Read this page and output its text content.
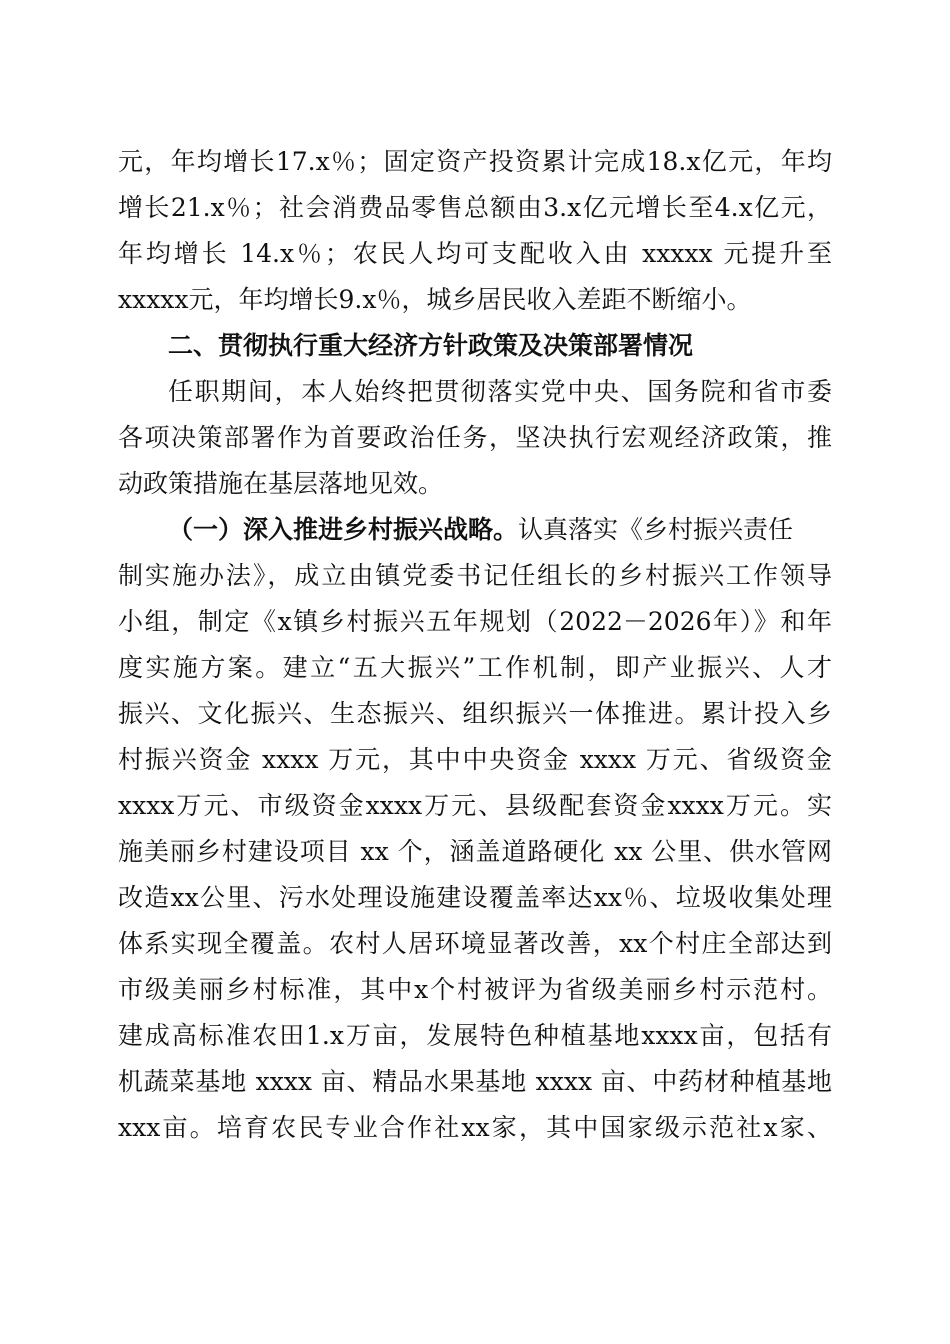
元，年均增长17.x％；固定资产投资累计完成18.x亿元，年均
增长21.x％；社会消费品零售总额由3.x亿元增长至4.x亿元，
年均增长 14.x％；农民人均可支配收入由 xxxxx 元提升至
xxxxx元，年均增长9.x％，城乡居民收入差距不断缩小。
二、贯彻执行重大经济方针政策及决策部署情况
任职期间，本人始终把贯彻落实党中央、国务院和省市委
各项决策部署作为首要政治任务，坚决执行宏观经济政策，推
动政策措施在基层落地见效。
（一）深入推进乡村振兴战略。认真落实《乡村振兴责任
制实施办法》，成立由镇党委书记任组长的乡村振兴工作领导
小组，制定《x镇乡村振兴五年规划（2022－2026年）》和年
度实施方案。建立“五大振兴”工作机制，即产业振兴、人才
振兴、文化振兴、生态振兴、组织振兴一体推进。累计投入乡
村振兴资金 xxxx 万元，其中中央资金 xxxx 万元、省级资金
xxxx万元、市级资金xxxx万元、县级配套资金xxxx万元。实
施美丽乡村建设项目 xx 个，涵盖道路硬化 xx 公里、供水管网
改造xx公里、污水处理设施建设覆盖率达xx％、垃圾收集处理
体系实现全覆盖。农村人居环境显著改善，xx个村庄全部达到
市级美丽乡村标准，其中x个村被评为省级美丽乡村示范村。
建成高标准农田1.x万亩，发展特色种植基地xxxx亩，包括有
机蔬菜基地 xxxx 亩、精品水果基地 xxxx 亩、中药材种植基地
xxx亩。培育农民专业合作社xx家，其中国家级示范社x家、
